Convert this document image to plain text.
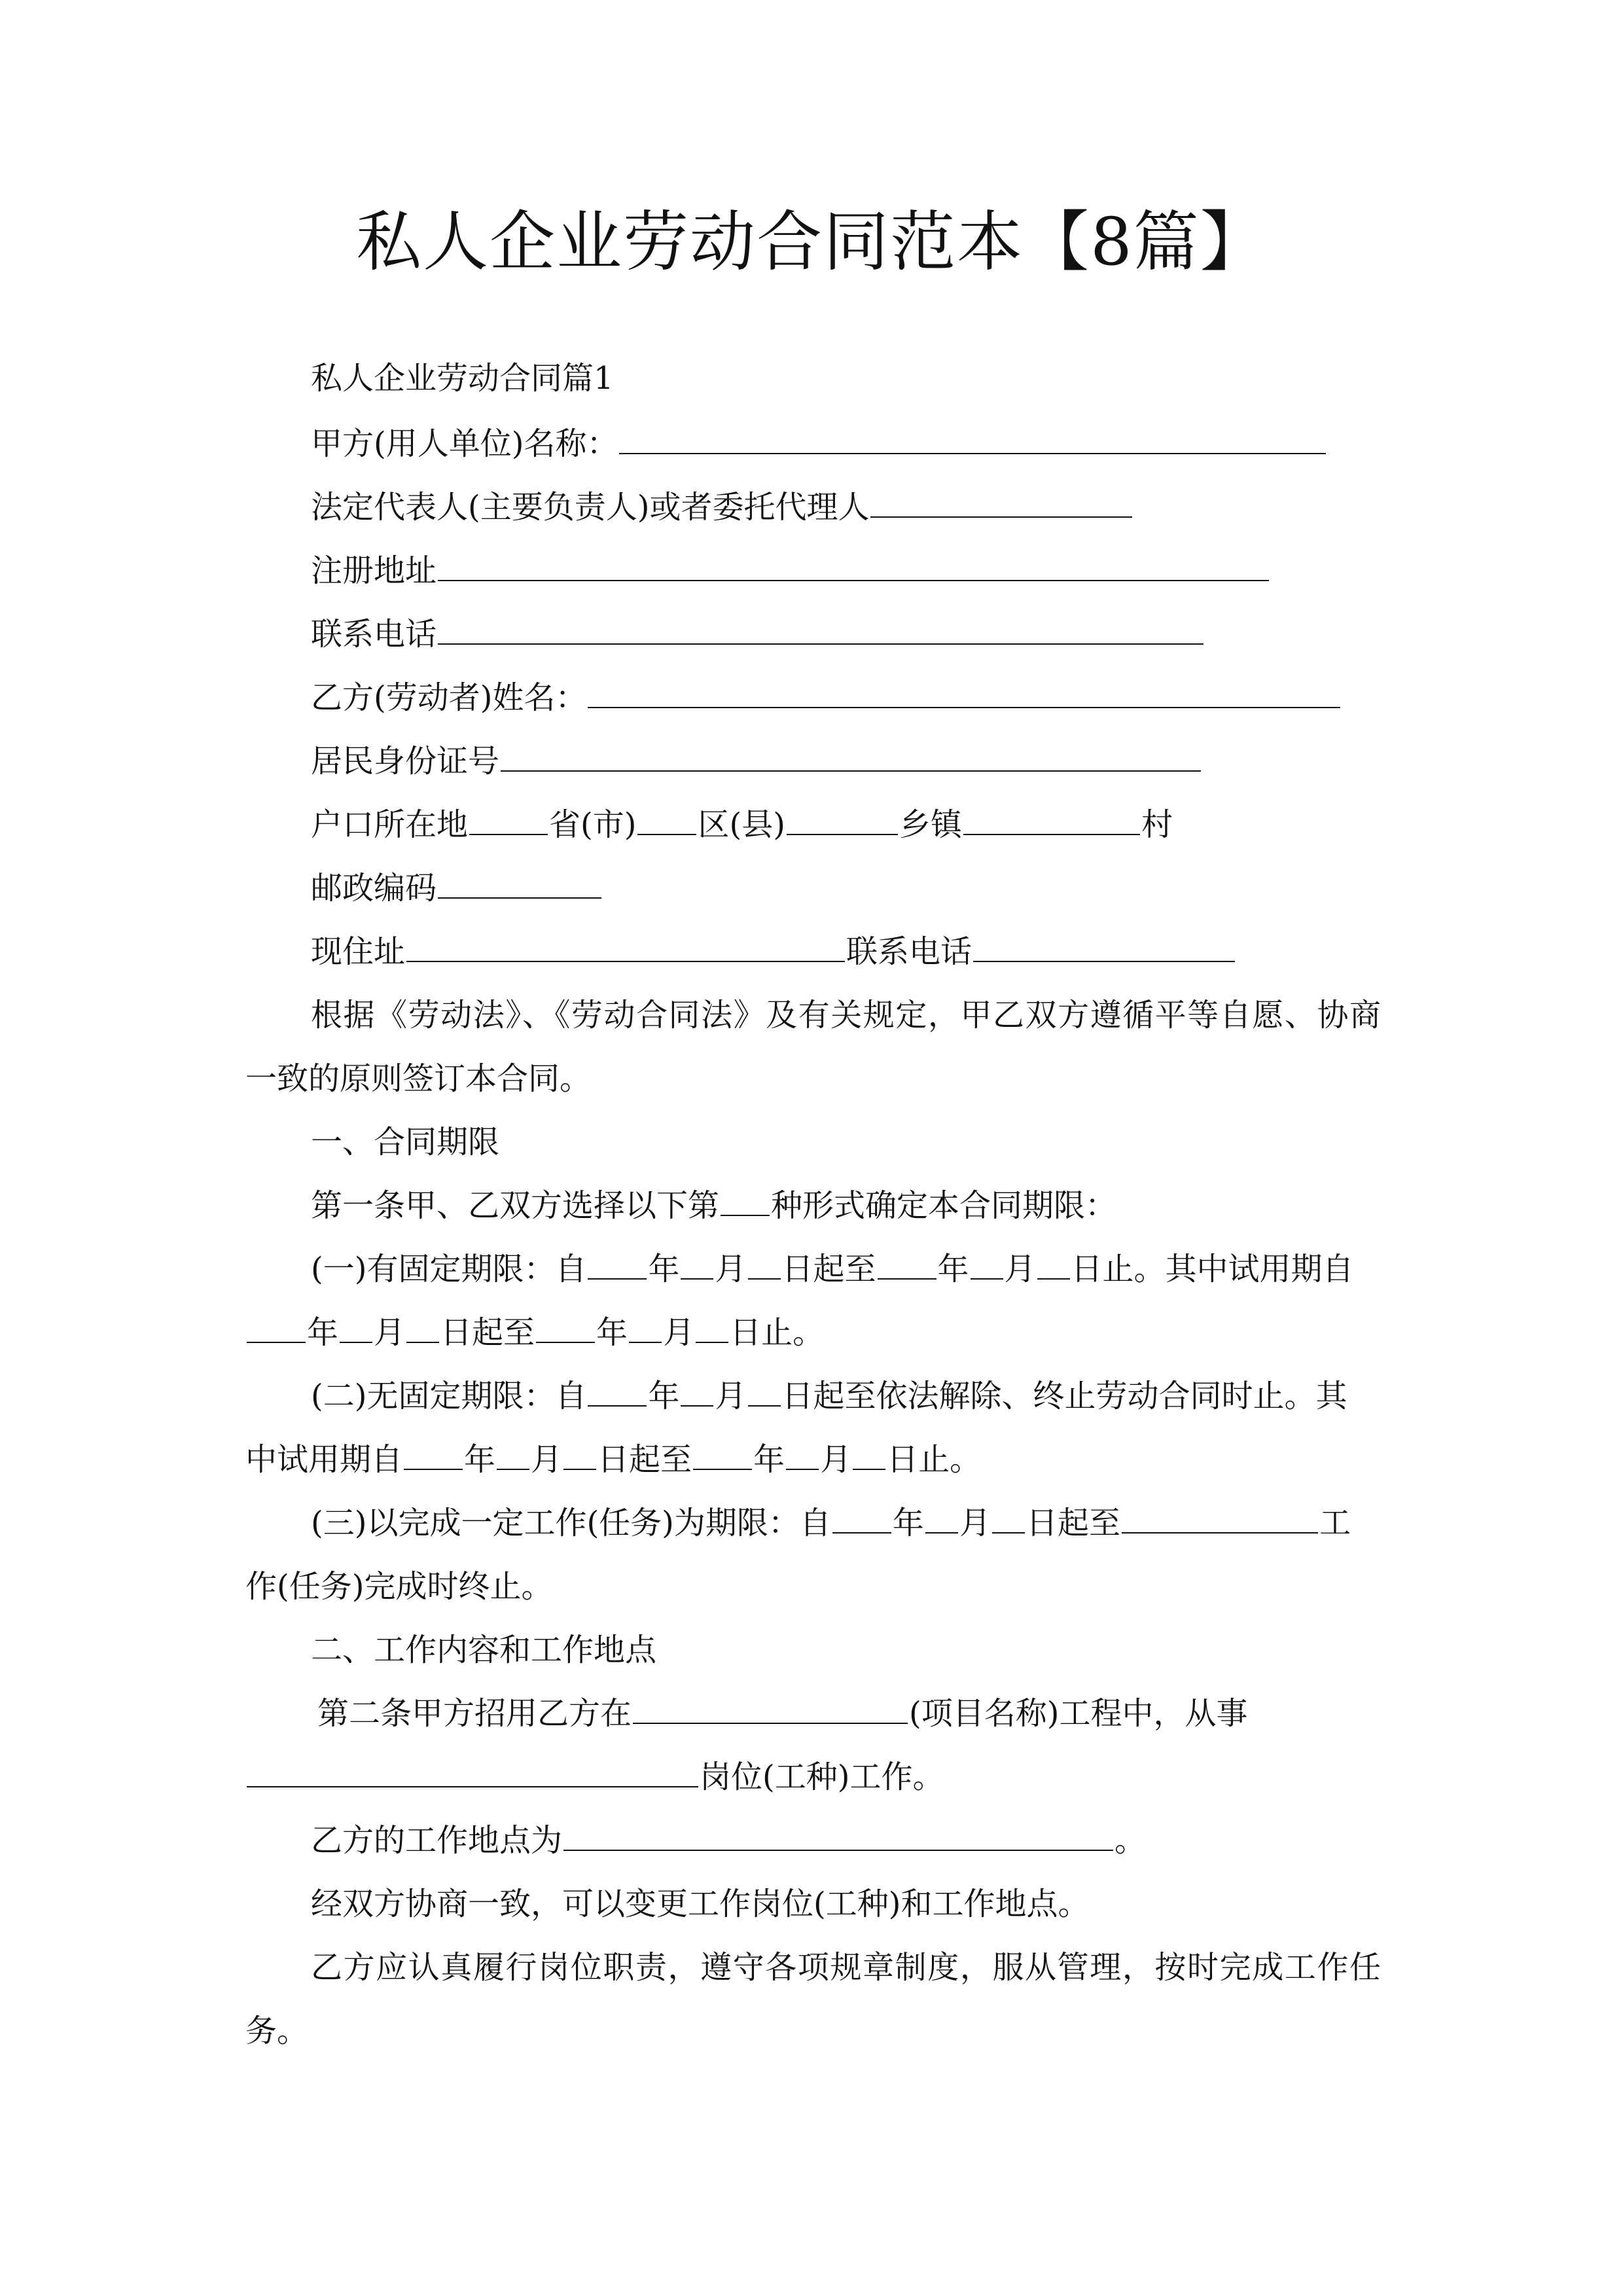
私人企业劳动合同范本【8篇】
私人企业劳动合同篇1
甲方(用人单位)名称：
法定代表人(主要负责人)或者委托代理人
注册地址
联系电话
乙方(劳动者)姓名：
居民身份证号
户口所在地	省(市) 区(县)	乡镇	村
邮政编码
现住址	联系电话
根据《劳动法》、《劳动合同法》及有关规定，甲乙双方遵循平等自愿、协商
一致的原则签订本合同。
一、合同期限
第一条甲、乙双方选择以下第 种形式确定本合同期限：
(一)有固定期限：自 年 月 日起至 年 月 日止。其中试用期自
年 月 日起至 年 月 日止。
(二)无固定期限：自 年 月 日起至依法解除、终止劳动合同时止。其
中试用期自 年 月 日起至 年 月 日止。
(三)以完成一定工作(任务)为期限：自 年 月 日起至	工
作(任务)完成时终止。
二、工作内容和工作地点
第二条甲方招用乙方在	(项目名称)工程中，从事
岗位(工种)工作。
乙方的工作地点为	。
经双方协商一致，可以变更工作岗位(工种)和工作地点。
乙方应认真履行岗位职责，遵守各项规章制度，服从管理，按时完成工作任
务。
